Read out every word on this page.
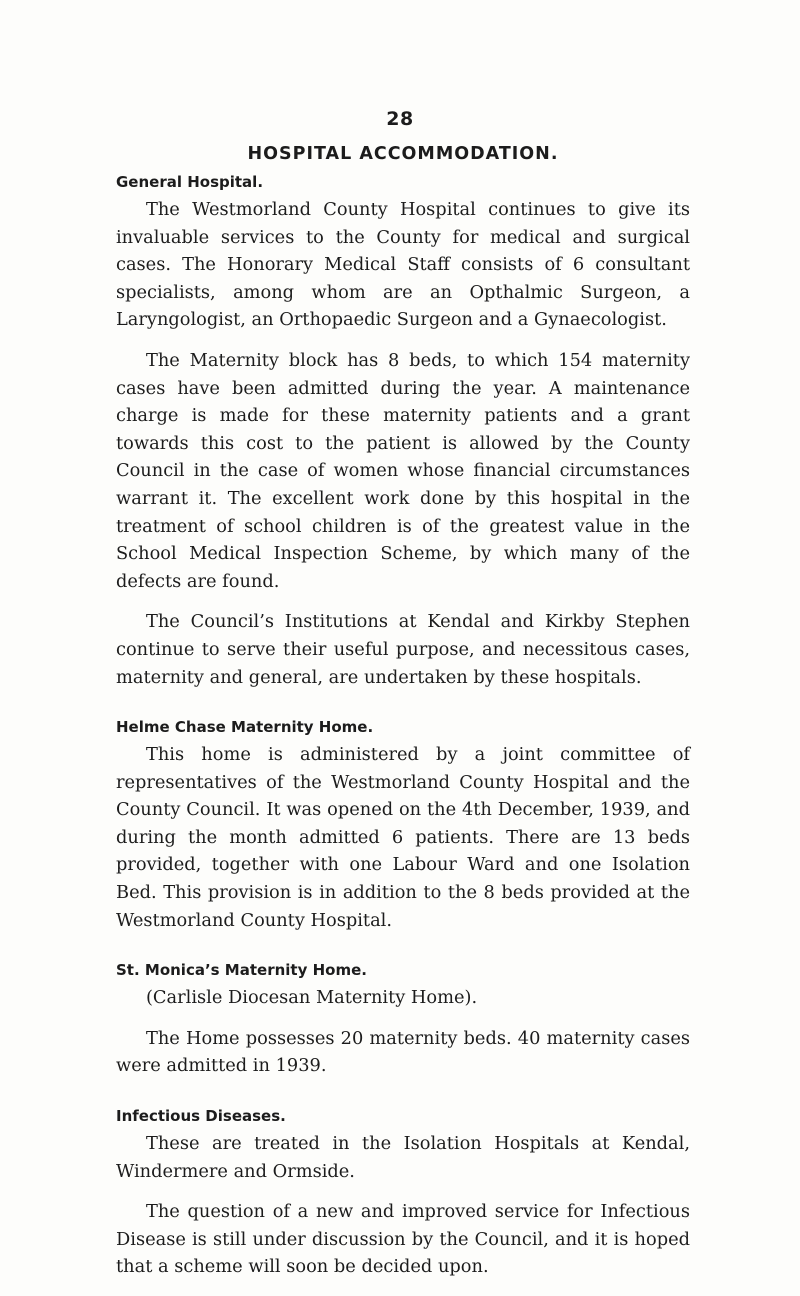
28
HOSPITAL ACCOMMODATION.
General Hospital.

The Westmorland County Hospital continues to give its invaluable services to the County for medical and surgical cases. The Honorary Medical Staff consists of 6 consultant specialists, among whom are an Opthalmic Surgeon, a Laryngologist, an Orthopaedic Surgeon and a Gynaecologist.

The Maternity block has 8 beds, to which 154 maternity cases have been admitted during the year. A maintenance charge is made for these maternity patients and a grant towards this cost to the patient is allowed by the County Council in the case of women whose financial circumstances warrant it. The excellent work done by this hospital in the treatment of school children is of the greatest value in the School Medical Inspection Scheme, by which many of the defects are found.

The Council’s Institutions at Kendal and Kirkby Stephen continue to serve their useful purpose, and necessitous cases, maternity and general, are undertaken by these hospitals.

Helme Chase Maternity Home.

This home is administered by a joint committee of representatives of the Westmorland County Hospital and the County Council. It was opened on the 4th December, 1939, and during the month admitted 6 patients. There are 13 beds provided, together with one Labour Ward and one Isolation Bed. This provision is in addition to the 8 beds provided at the Westmorland County Hospital.

St. Monica’s Maternity Home.

(Carlisle Diocesan Maternity Home).

The Home possesses 20 maternity beds. 40 maternity cases were admitted in 1939.

Infectious Diseases.

These are treated in the Isolation Hospitals at Kendal, Windermere and Ormside.

The question of a new and improved service for Infectious Disease is still under discussion by the Council, and it is hoped that a scheme will soon be decided upon.
